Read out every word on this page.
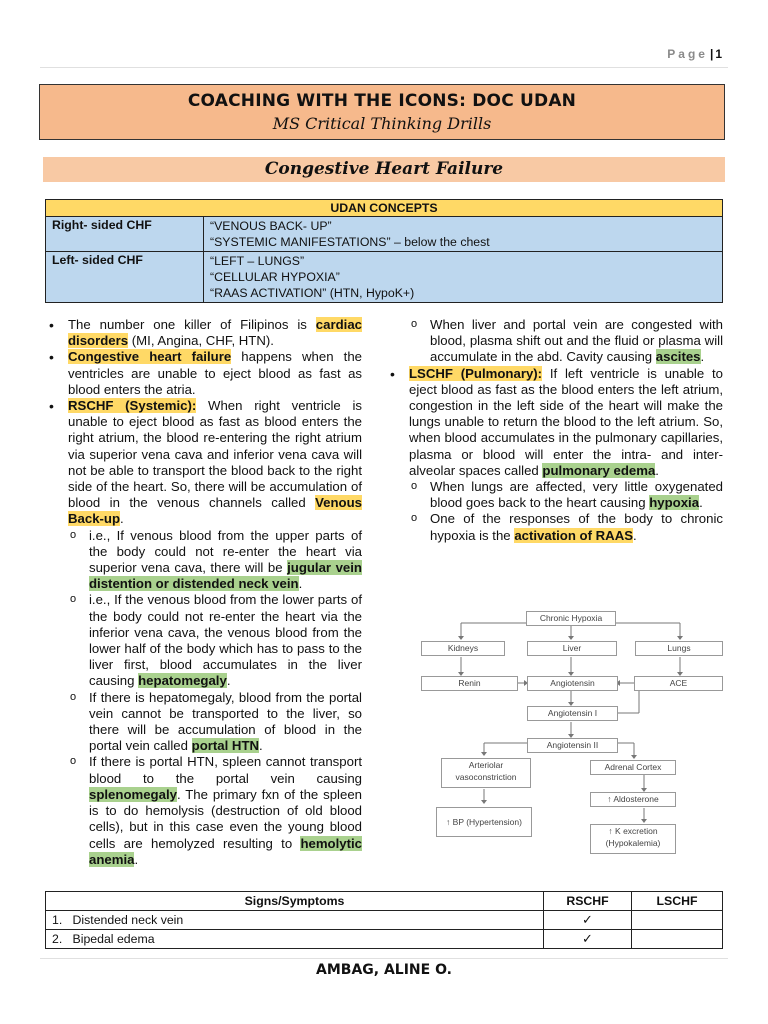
Page | 1
COACHING WITH THE ICONS: DOC UDAN
MS Critical Thinking Drills
Congestive Heart Failure
UDAN CONCEPTS	
Right- sided CHF	“VENOUS BACK- UP”
“SYSTEMIC MANIFESTATIONS” – below the chest

Left- sided CHF	“LEFT – LUNGS”
“CELLULAR HYPOXIA”
“RAAS ACTIVATION” (HTN, HypoK+)
• The number one killer of Filipinos is cardiac disorders (MI, Angina, CHF, HTN).
• Congestive heart failure happens when the ventricles are unable to eject blood as fast as blood enters the atria.
• RSCHF (Systemic): When right ventricle is unable to eject blood as fast as blood enters the right atrium, the blood re-entering the right atrium via superior vena cava and inferior vena cava will not be able to transport the blood back to the right side of the heart. So, there will be accumulation of blood in the venous channels called Venous Back-up.
o i.e., If venous blood from the upper parts of the body could not re-enter the heart via superior vena cava, there will be jugular vein distention or distended neck vein.
o i.e., If the venous blood from the lower parts of the body could not re-enter the heart via the inferior vena cava, the venous blood from the lower half of the body which has to pass to the liver first, blood accumulates in the liver causing hepatomegaly.
o If there is hepatomegaly, blood from the portal vein cannot be transported to the liver, so there will be accumulation of blood in the portal vein called portal HTN.
o If there is portal HTN, spleen cannot transport blood to the portal vein causing splenomegaly. The primary fxn of the spleen is to do hemolysis (destruction of old blood cells), but in this case even the young blood cells are hemolyzed resulting to hemolytic anemia.
o When liver and portal vein are congested with blood, plasma shift out and the fluid or plasma will accumulate in the abd. Cavity causing ascites.
• LSCHF (Pulmonary): If left ventricle is unable to eject blood as fast as the blood enters the left atrium, congestion in the left side of the heart will make the lungs unable to return the blood to the left atrium. So, when blood accumulates in the pulmonary capillaries, plasma or blood will enter the intra- and inter- alveolar spaces called pulmonary edema.
o When lungs are affected, very little oxygenated blood goes back to the heart causing hypoxia.
o One of the responses of the body to chronic hypoxia is the activation of RAAS.
Chronic Hypoxia
Kidneys	Liver	Lungs
Renin	Angiotensin	ACE
Angiotensin I
Angiotensin II
Arteriolar
vasoconstriction
Adrenal Cortex
↑ Aldosterone
↑ BP (Hypertension)
↑ K excretion
(Hypokalemia)
Signs/Symptoms	RSCHF	LSCHF
1. Distended neck vein	✓	
2. Bipedal edema	✓	
AMBAG, ALINE O.
